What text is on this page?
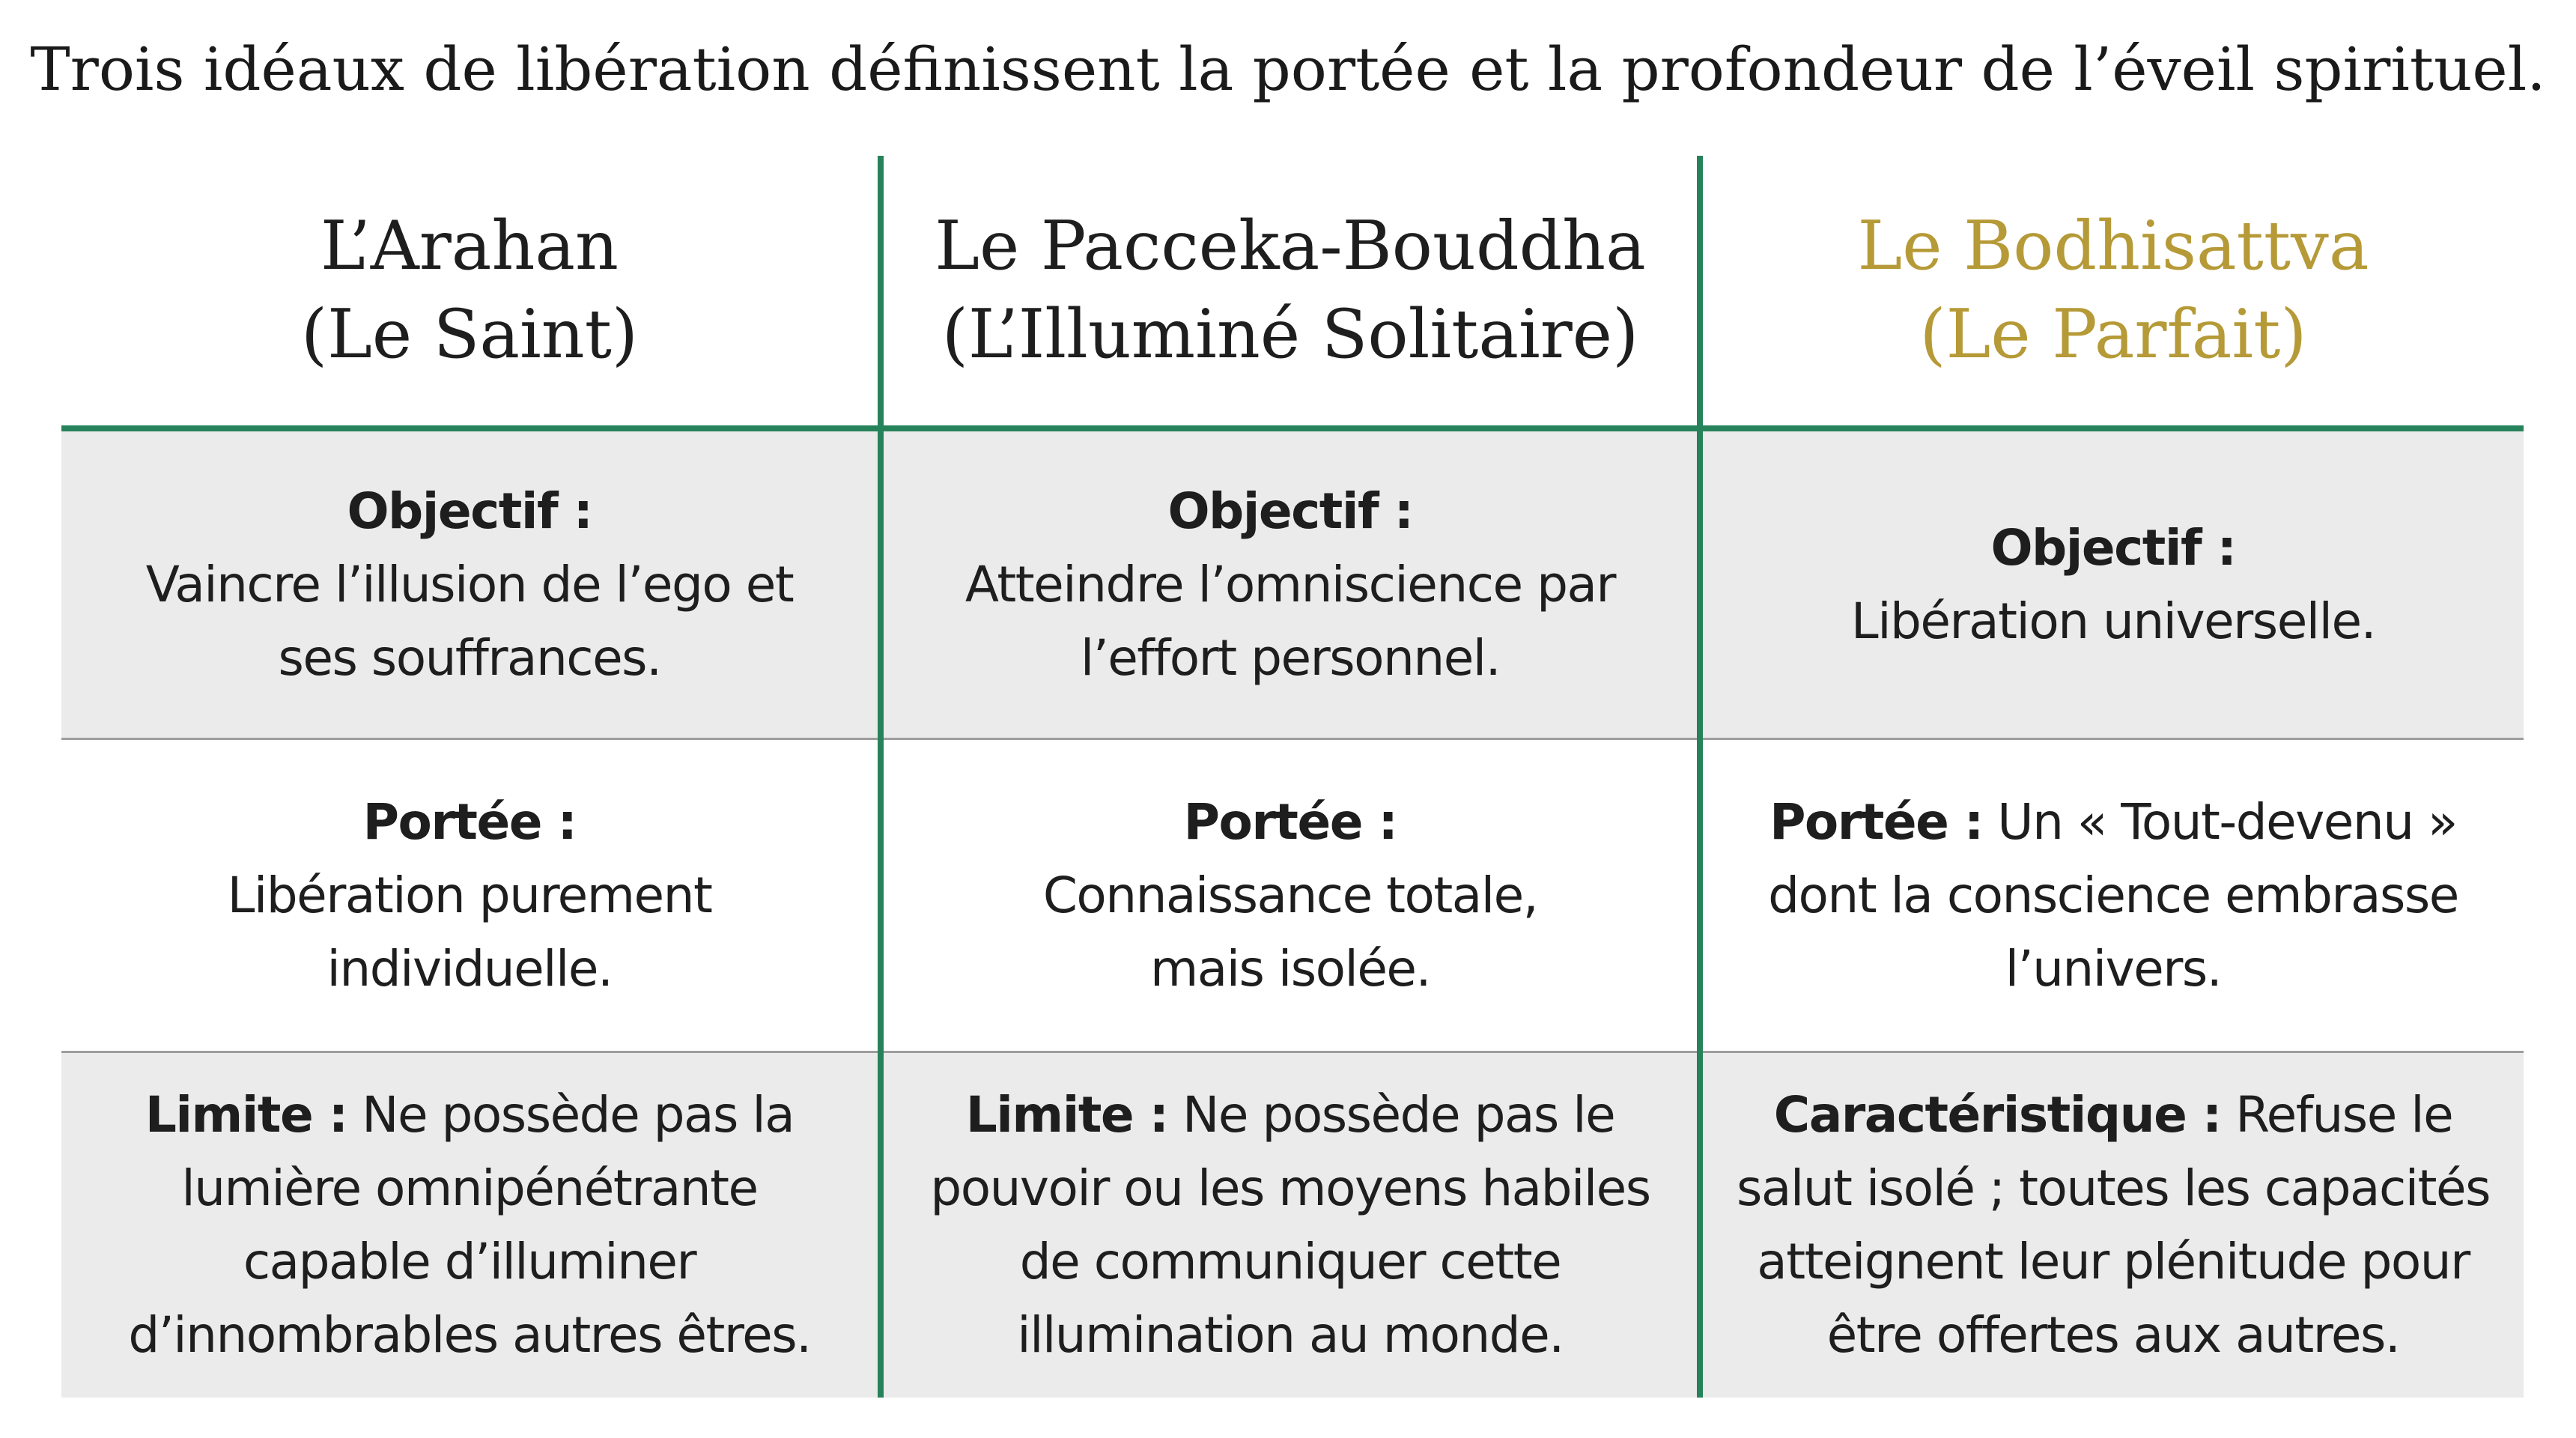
Trois idéaux de libération définissent la portée et la profondeur de l’éveil spirituel.
L’Arahan
(Le Saint)
Le Pacceka-Bouddha
(L’Illuminé Solitaire)
Le Bodhisattva
(Le Parfait)
Objectif :
Vaincre l’illusion de l’ego et
ses souffrances.
Objectif :
Atteindre l’omniscience par
l’effort personnel.
Objectif :
Libération universelle.
Portée :
Libération purement
individuelle.
Portée :
Connaissance totale,
mais isolée.
Portée : Un « Tout-devenu »
dont la conscience embrasse
l’univers.
Limite : Ne possède pas la
lumière omnipénétrante
capable d’illuminer
d’innombrables autres êtres.
Limite : Ne possède pas le
pouvoir ou les moyens habiles
de communiquer cette
illumination au monde.
Caractéristique : Refuse le
salut isolé ; toutes les capacités
atteignent leur plénitude pour
être offertes aux autres.
